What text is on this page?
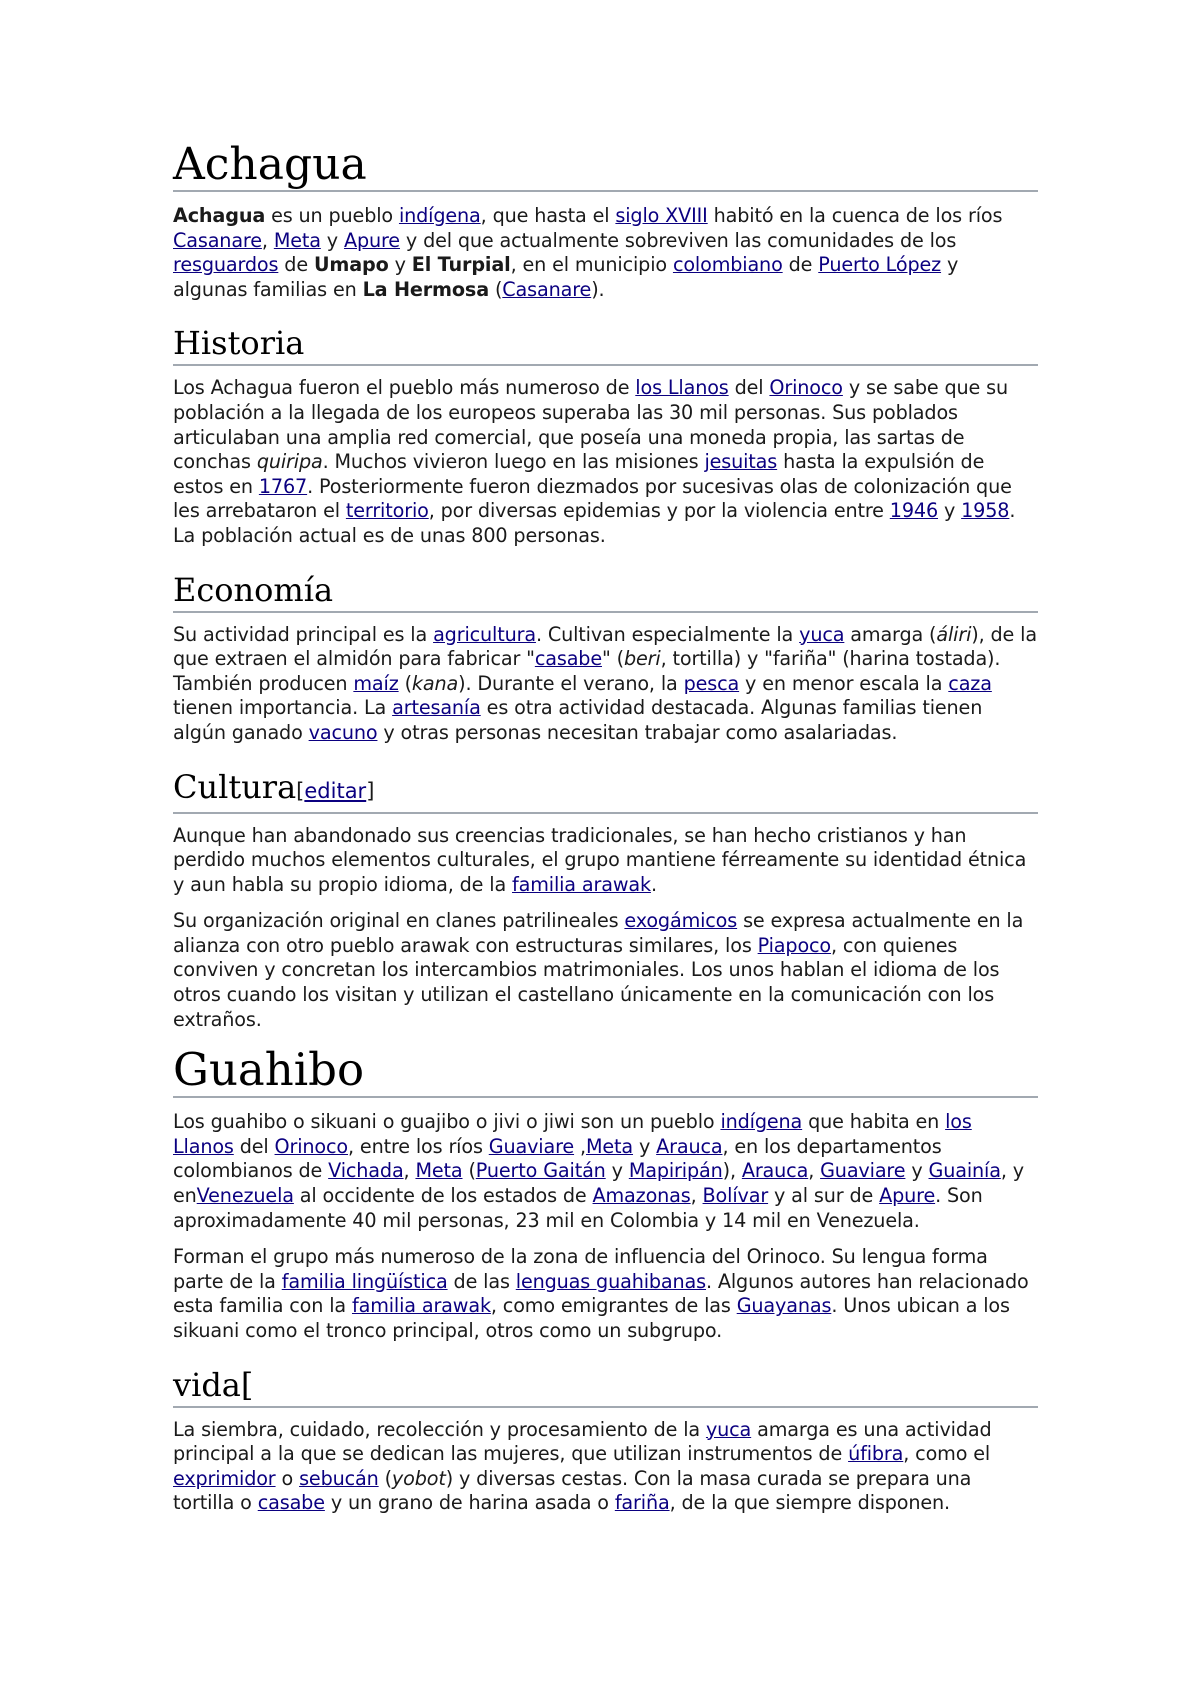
Achagua

Achagua es un pueblo indígena, que hasta el siglo XVIII habitó en la cuenca de los ríos Casanare, Meta y Apure y del que actualmente sobreviven las comunidades de los resguardos de Umapo y El Turpial, en el municipio colombiano de Puerto López y algunas familias en La Hermosa (Casanare).

Historia

Los Achagua fueron el pueblo más numeroso de los Llanos del Orinoco y se sabe que su población a la llegada de los europeos superaba las 30 mil personas. Sus poblados articulaban una amplia red comercial, que poseía una moneda propia, las sartas de conchas quiripa. Muchos vivieron luego en las misiones jesuitas hasta la expulsión de estos en 1767. Posteriormente fueron diezmados por sucesivas olas de colonización que les arrebataron el territorio, por diversas epidemias y por la violencia entre 1946 y 1958. La población actual es de unas 800 personas.

Economía

Su actividad principal es la agricultura. Cultivan especialmente la yuca amarga (áliri), de la que extraen el almidón para fabricar "casabe" (beri, tortilla) y "fariña" (harina tostada). También producen maíz (kana). Durante el verano, la pesca y en menor escala la caza tienen importancia. La artesanía es otra actividad destacada. Algunas familias tienen algún ganado vacuno y otras personas necesitan trabajar como asalariadas.

Cultura[editar]

Aunque han abandonado sus creencias tradicionales, se han hecho cristianos y han perdido muchos elementos culturales, el grupo mantiene férreamente su identidad étnica y aun habla su propio idioma, de la familia arawak.

Su organización original en clanes patrilineales exogámicos se expresa actualmente en la alianza con otro pueblo arawak con estructuras similares, los Piapoco, con quienes conviven y concretan los intercambios matrimoniales. Los unos hablan el idioma de los otros cuando los visitan y utilizan el castellano únicamente en la comunicación con los extraños.

Guahibo

Los guahibo o sikuani o guajibo o jivi o jiwi son un pueblo indígena que habita en los Llanos del Orinoco, entre los ríos Guaviare ,Meta y Arauca, en los departamentos colombianos de Vichada, Meta (Puerto Gaitán y Mapiripán), Arauca, Guaviare y Guainía, y enVenezuela al occidente de los estados de Amazonas, Bolívar y al sur de Apure. Son aproximadamente 40 mil personas, 23 mil en Colombia y 14 mil en Venezuela.

Forman el grupo más numeroso de la zona de influencia del Orinoco. Su lengua forma parte de la familia lingüística de las lenguas guahibanas. Algunos autores han relacionado esta familia con la familia arawak, como emigrantes de las Guayanas. Unos ubican a los sikuani como el tronco principal, otros como un subgrupo.

vida[

La siembra, cuidado, recolección y procesamiento de la yuca amarga es una actividad principal a la que se dedican las mujeres, que utilizan instrumentos de úfibra, como el exprimidor o sebucán (yobot) y diversas cestas. Con la masa curada se prepara una tortilla o casabe y un grano de harina asada o fariña, de la que siempre disponen.
